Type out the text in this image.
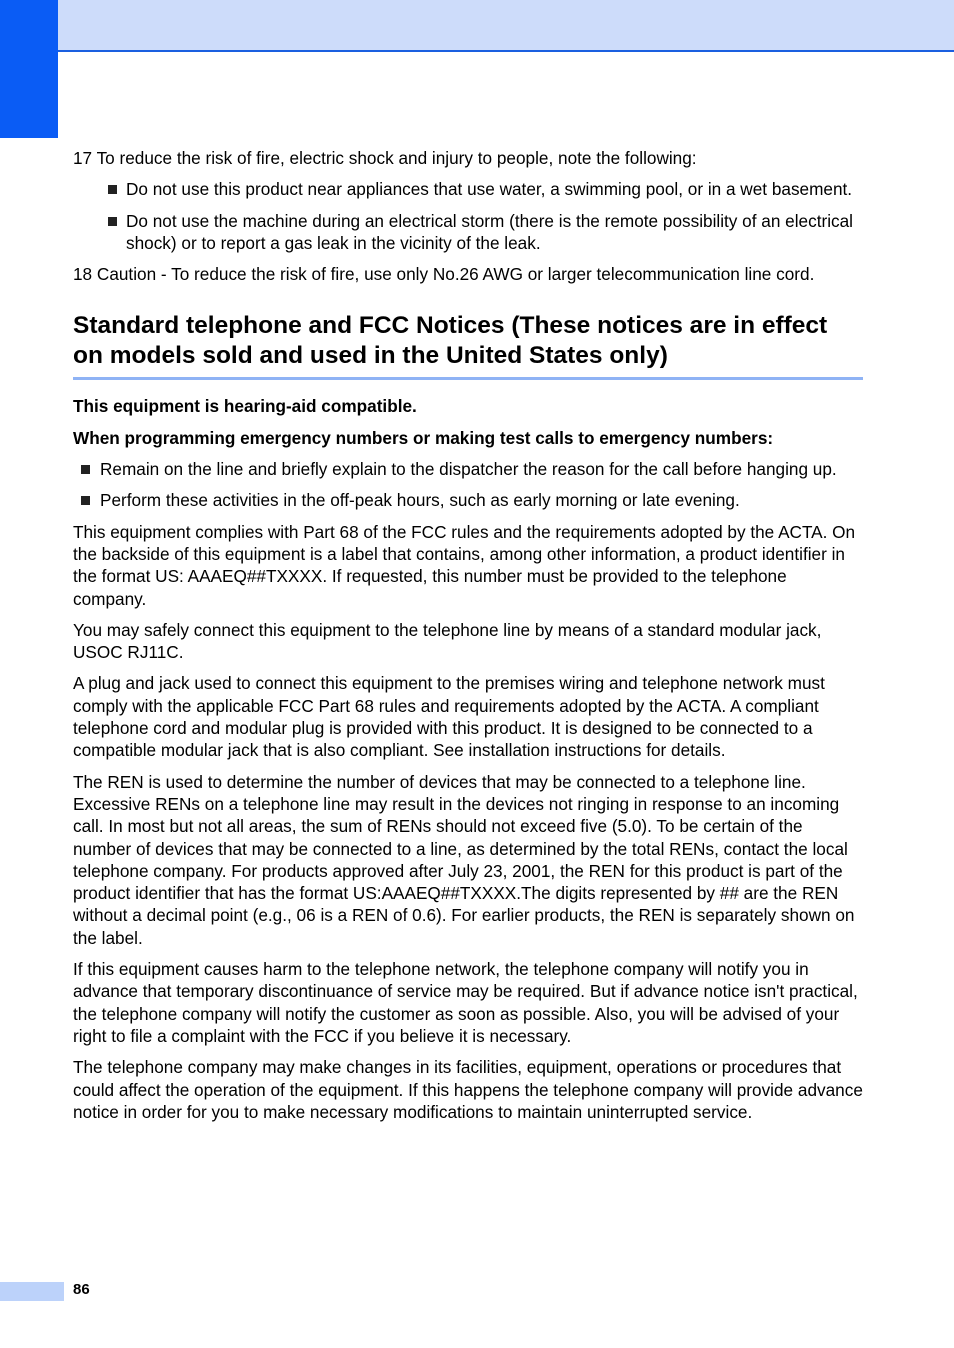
17 To reduce the risk of fire, electric shock and injury to people, note the following:
Do not use this product near appliances that use water, a swimming pool, or in a wet basement.
Do not use the machine during an electrical storm (there is the remote possibility of an electrical shock) or to report a gas leak in the vicinity of the leak.
18 Caution - To reduce the risk of fire, use only No.26 AWG or larger telecommunication line cord.
Standard telephone and FCC Notices (These notices are in effect on models sold and used in the United States only)
This equipment is hearing-aid compatible.
When programming emergency numbers or making test calls to emergency numbers:
Remain on the line and briefly explain to the dispatcher the reason for the call before hanging up.
Perform these activities in the off-peak hours, such as early morning or late evening.
This equipment complies with Part 68 of the FCC rules and the requirements adopted by the ACTA. On the backside of this equipment is a label that contains, among other information, a product identifier in the format US: AAAEQ##TXXXX. If requested, this number must be provided to the telephone company.
You may safely connect this equipment to the telephone line by means of a standard modular jack, USOC RJ11C.
A plug and jack used to connect this equipment to the premises wiring and telephone network must comply with the applicable FCC Part 68 rules and requirements adopted by the ACTA. A compliant telephone cord and modular plug is provided with this product. It is designed to be connected to a compatible modular jack that is also compliant. See installation instructions for details.
The REN is used to determine the number of devices that may be connected to a telephone line. Excessive RENs on a telephone line may result in the devices not ringing in response to an incoming call. In most but not all areas, the sum of RENs should not exceed five (5.0). To be certain of the number of devices that may be connected to a line, as determined by the total RENs, contact the local telephone company. For products approved after July 23, 2001, the REN for this product is part of the product identifier that has the format US:AAAEQ##TXXXX.The digits represented by ## are the REN without a decimal point (e.g., 06 is a REN of 0.6). For earlier products, the REN is separately shown on the label.
If this equipment causes harm to the telephone network, the telephone company will notify you in advance that temporary discontinuance of service may be required. But if advance notice isn't practical, the telephone company will notify the customer as soon as possible. Also, you will be advised of your right to file a complaint with the FCC if you believe it is necessary.
The telephone company may make changes in its facilities, equipment, operations or procedures that could affect the operation of the equipment. If this happens the telephone company will provide advance notice in order for you to make necessary modifications to maintain uninterrupted service.
86
